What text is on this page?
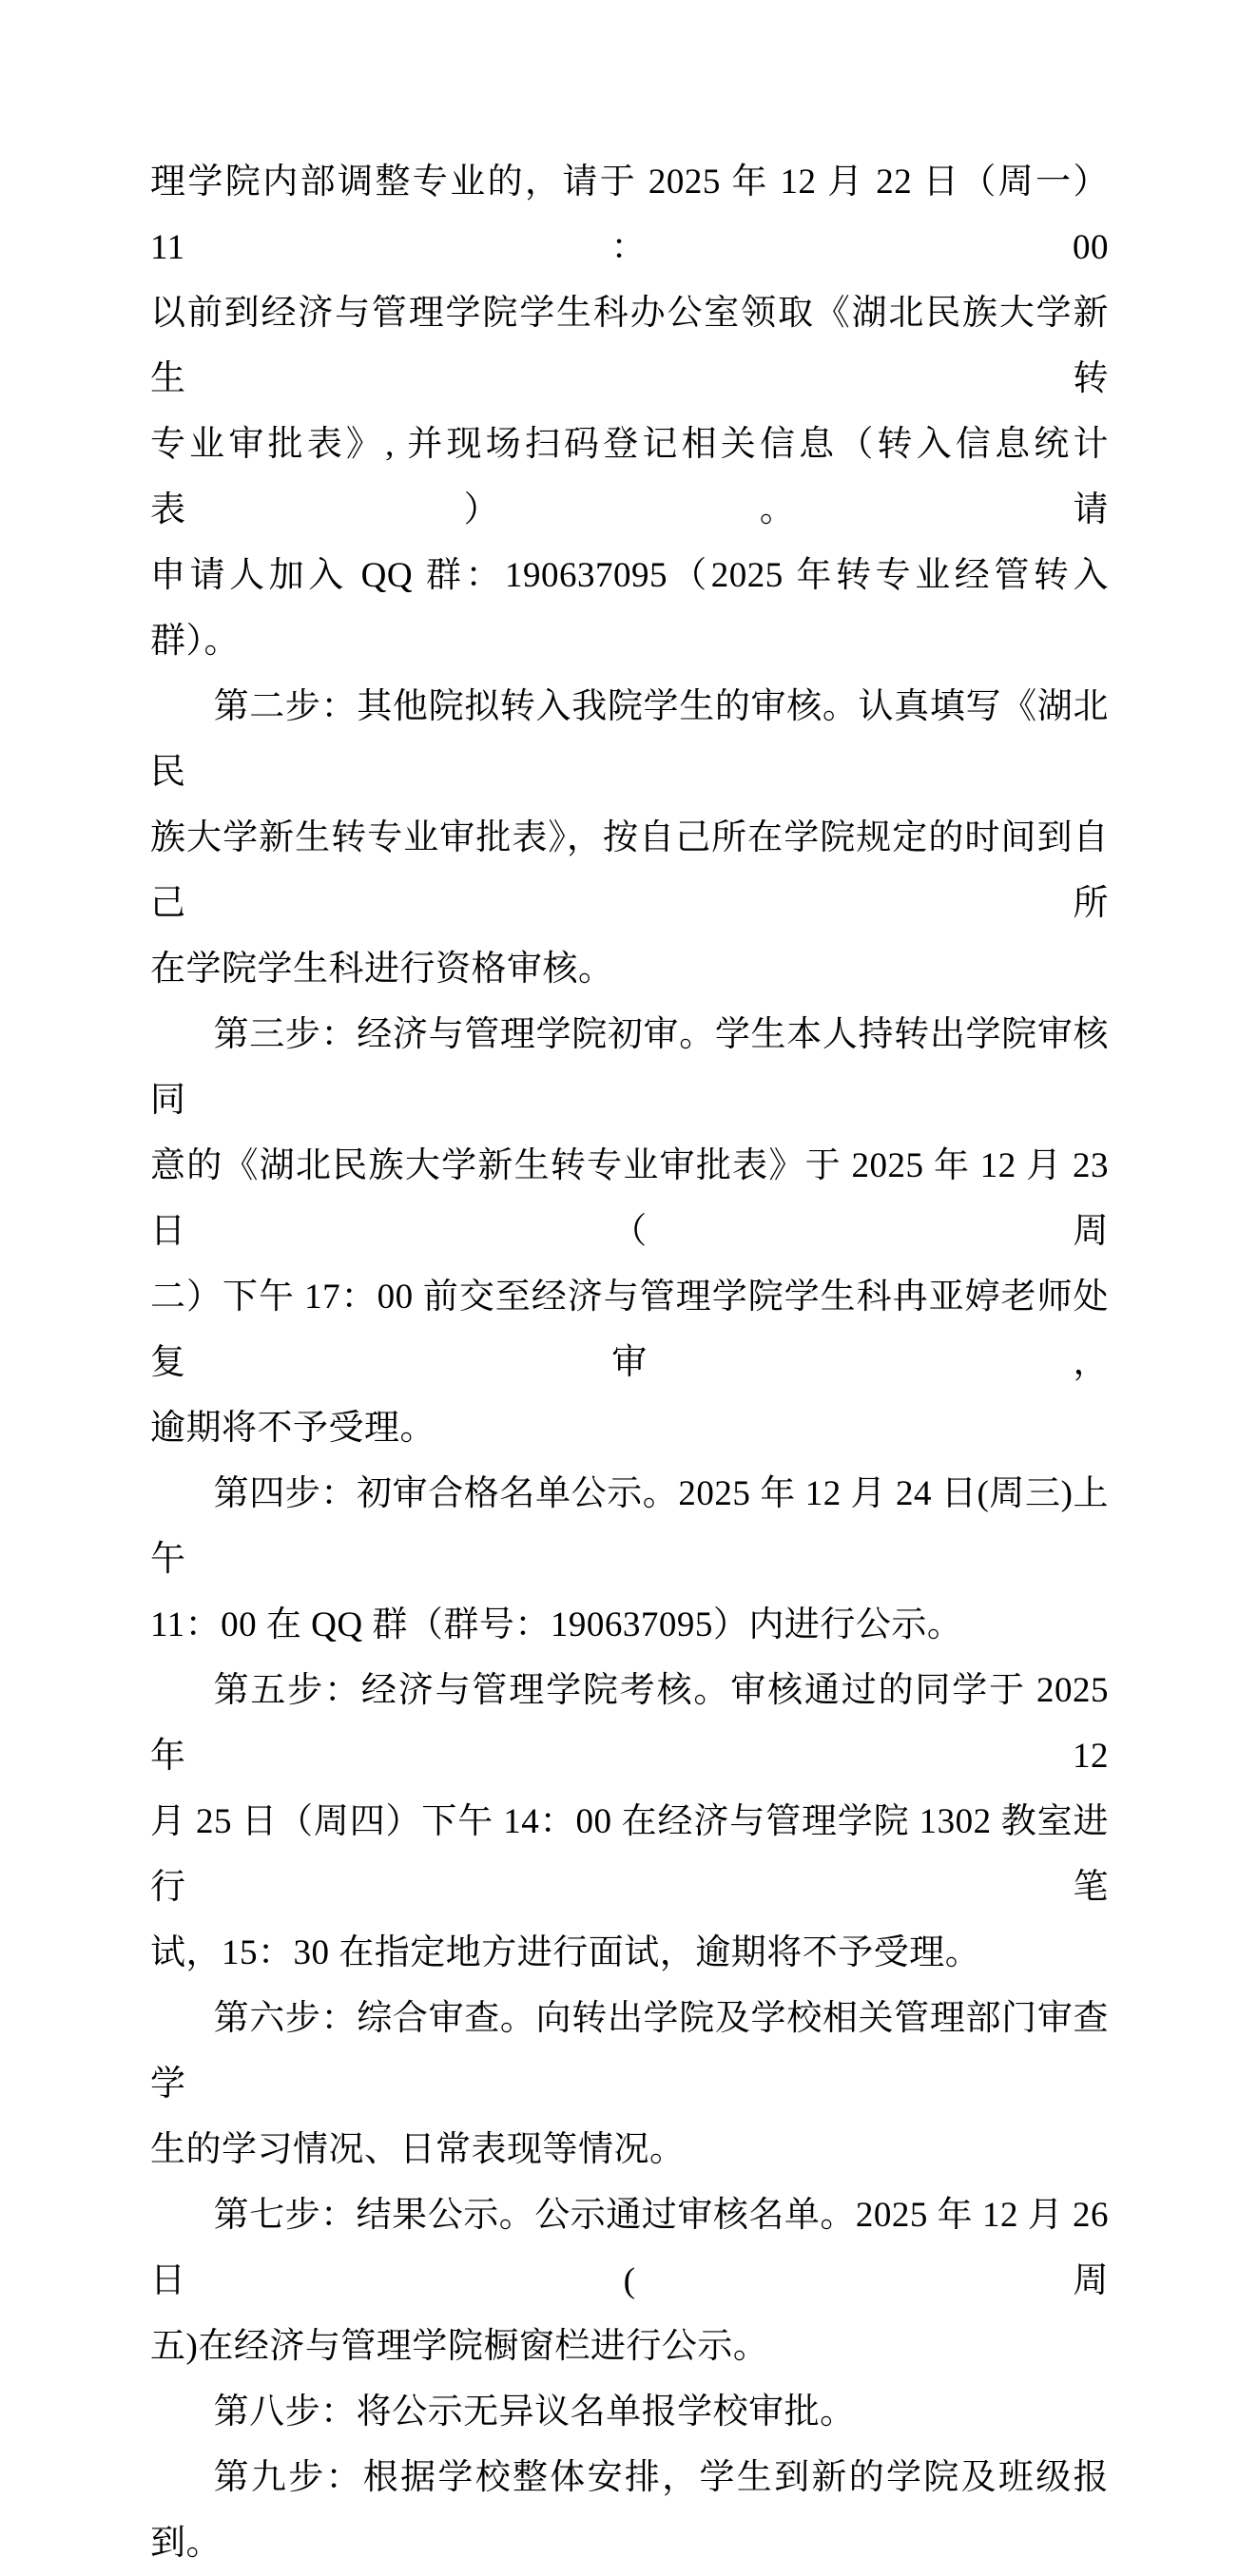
理学院内部调整专业的，请于 2025 年 12 月 22 日（周一）11：00
以前到经济与管理学院学生科办公室领取《湖北民族大学新生转
专业审批表》, 并现场扫码登记相关信息（转入信息统计表）。请
申请人加入 QQ 群：190637095（2025 年转专业经管转入群）。
第二步：其他院拟转入我院学生的审核。认真填写《湖北民
族大学新生转专业审批表》，按自己所在学院规定的时间到自己所
在学院学生科进行资格审核。
第三步：经济与管理学院初审。学生本人持转出学院审核同
意的《湖北民族大学新生转专业审批表》于 2025 年 12 月 23 日（周
二）下午 17：00 前交至经济与管理学院学生科冉亚婷老师处复审，
逾期将不予受理。
第四步：初审合格名单公示。2025 年 12 月 24 日(周三)上午
11：00 在 QQ 群（群号：190637095）内进行公示。
第五步：经济与管理学院考核。审核通过的同学于 2025 年 12
月 25 日（周四）下午 14：00 在经济与管理学院 1302 教室进行笔
试，15：30 在指定地方进行面试，逾期将不予受理。
第六步：综合审查。向转出学院及学校相关管理部门审查学
生的学习情况、日常表现等情况。
第七步：结果公示。公示通过审核名单。2025 年 12 月 26 日(周
五)在经济与管理学院橱窗栏进行公示。
第八步：将公示无异议名单报学校审批。
第九步：根据学校整体安排，学生到新的学院及班级报到。
